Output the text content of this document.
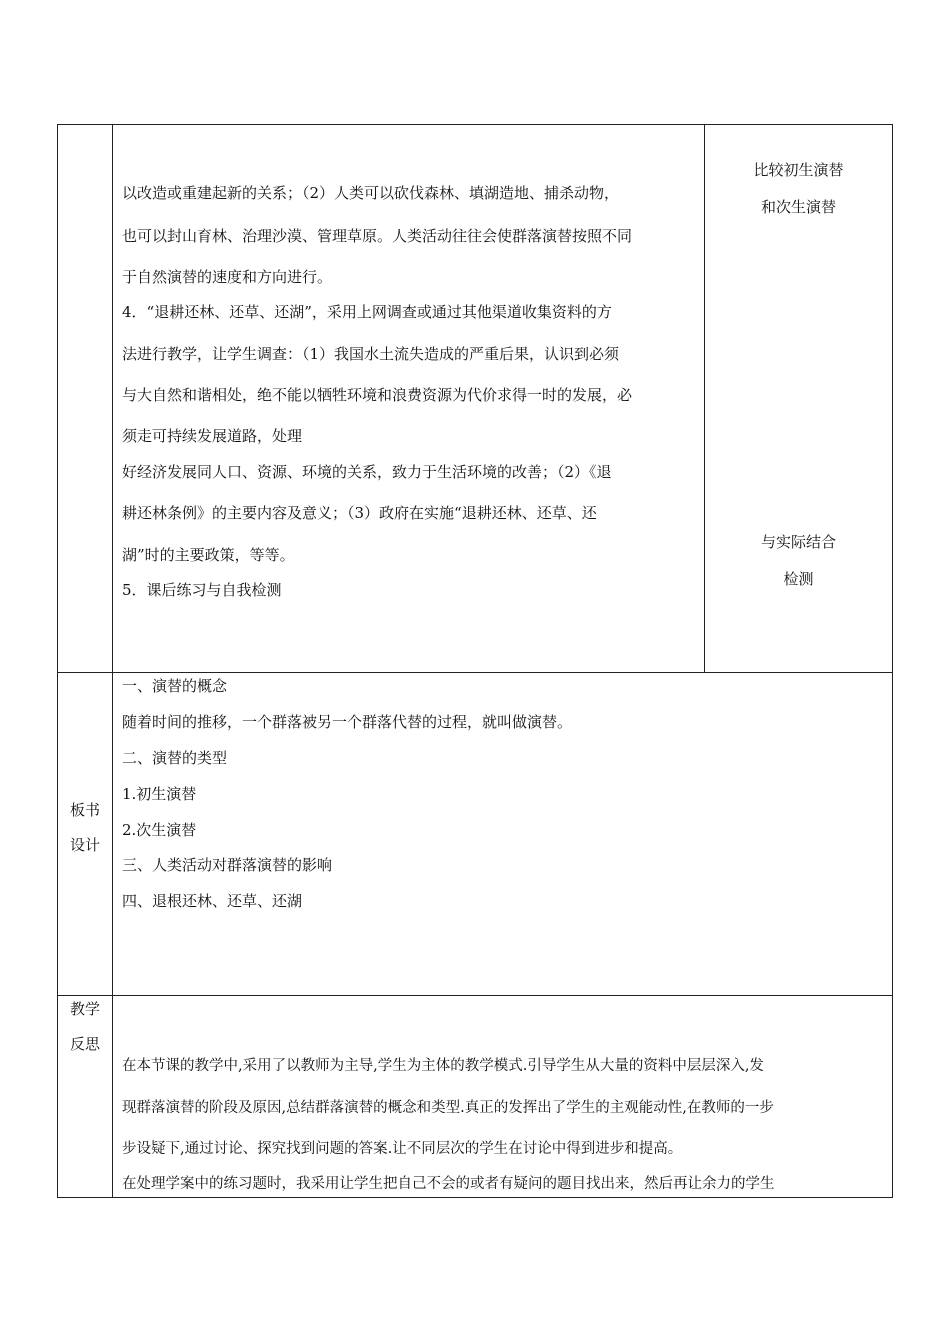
以改造或重建起新的关系；（2）人类可以砍伐森林、填湖造地、捕杀动物，
也可以封山育林、治理沙漠、管理草原。人类活动往往会使群落演替按照不同
于自然演替的速度和方向进行。
4．“退耕还林、还草、还湖”，采用上网调查或通过其他渠道收集资料的方
法进行教学，让学生调查：（1）我国水土流失造成的严重后果，认识到必须
与大自然和谐相处，绝不能以牺牲环境和浪费资源为代价求得一时的发展，必
须走可持续发展道路，处理
好经济发展同人口、资源、环境的关系，致力于生活环境的改善；（2）《退
耕还林条例》的主要内容及意义；（3）政府在实施“退耕还林、还草、还
湖”时的主要政策，等等。
5．课后练习与自我检测
比较初生演替
和次生演替
与实际结合
检测
板书
设计
一、演替的概念
随着时间的推移，一个群落被另一个群落代替的过程，就叫做演替。
二、演替的类型
1.初生演替
2.次生演替
三、人类活动对群落演替的影响
四、退根还林、还草、还湖
教学
反思
在本节课的教学中,采用了以教师为主导,学生为主体的教学模式.引导学生从大量的资料中层层深入,发
现群落演替的阶段及原因,总结群落演替的概念和类型.真正的发挥出了学生的主观能动性,在教师的一步
步设疑下,通过讨论、探究找到问题的答案.让不同层次的学生在讨论中得到进步和提高。
在处理学案中的练习题时，我采用让学生把自己不会的或者有疑问的题目找出来，然后再让余力的学生
